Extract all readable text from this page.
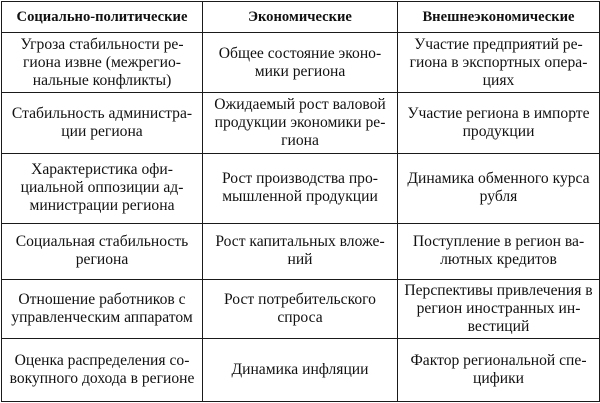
Социально-политические	Экономические	Внешнеэкономические
Угроза стабильности региона извне (межрегиональные конфликты)	Общее состояние экономики региона	Участие предприятий региона в экспортных операциях
Стабильность администрации региона	Ожидаемый рост валовой продукции экономики региона	Участие региона в импорте продукции
Характеристика официальной оппозиции администрации региона	Рост производства промышленной продукции	Динамика обменного курса рубля
Социальная стабильность региона	Рост капитальных вложений	Поступление в регион валютных кредитов
Отношение работников с управленческим аппаратом	Рост потребительского спроса	Перспективы привлечения в регион иностранных инвестиций
Оценка распределения совокупного дохода в регионе	Динамика инфляции	Фактор региональной специфики
